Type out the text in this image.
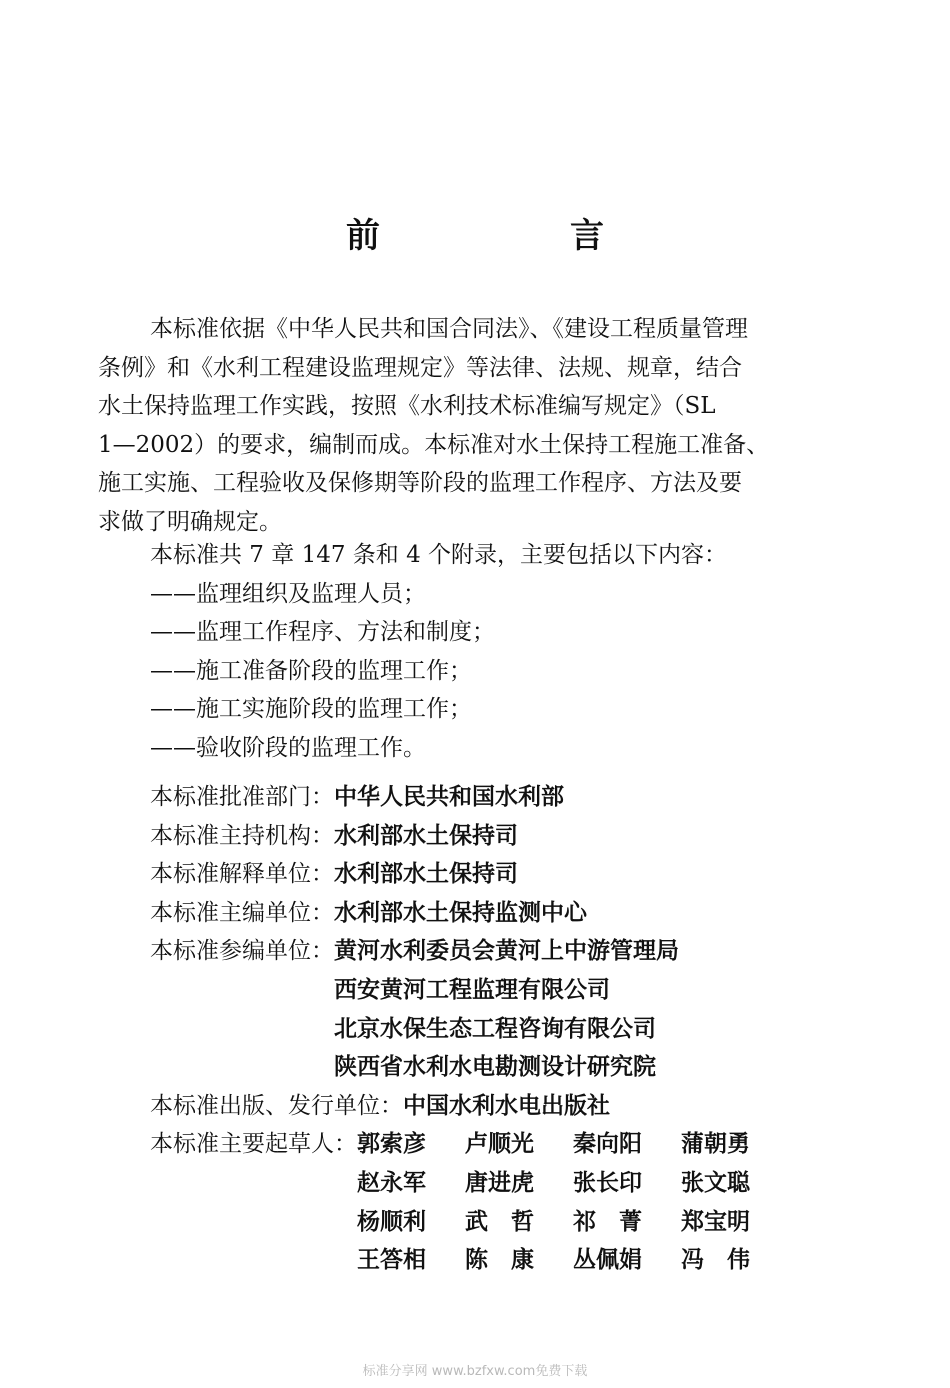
前　言

本标准依据《中华人民共和国合同法》、《建设工程质量管理

条例》和《水利工程建设监理规定》等法律、法规、规章，结合

水土保持监理工作实践，按照《水利技术标准编写规定》（SL

1—2002）的要求，编制而成。本标准对水土保持工程施工准备、

施工实施、工程验收及保修期等阶段的监理工作程序、方法及要

求做了明确规定。

本标准共 7 章 147 条和 4 个附录，主要包括以下内容：

——监理组织及监理人员；

——监理工作程序、方法和制度；

——施工准备阶段的监理工作；

——施工实施阶段的监理工作；

——验收阶段的监理工作。

本标准批准部门： 中华人民共和国水利部
本标准主持机构： 水利部水土保持司
本标准解释单位： 水利部水土保持司
本标准主编单位： 水利部水土保持监测中心
本标准参编单位： 黄河水利委员会黄河上中游管理局
西安黄河工程监理有限公司
北京水保生态工程咨询有限公司
陕西省水利水电勘测设计研究院
本标准出版、发行单位： 中国水利水电出版社
本标准主要起草人： 郭索彦	卢顺光	秦向阳	蒲朝勇
赵永军	唐进虎	张长印	张文聪
杨顺利	武　哲	祁　菁	郑宝明
王答相	陈　康	丛佩娟	冯　伟
标准分享网 www.bzfxw.com免费下载
